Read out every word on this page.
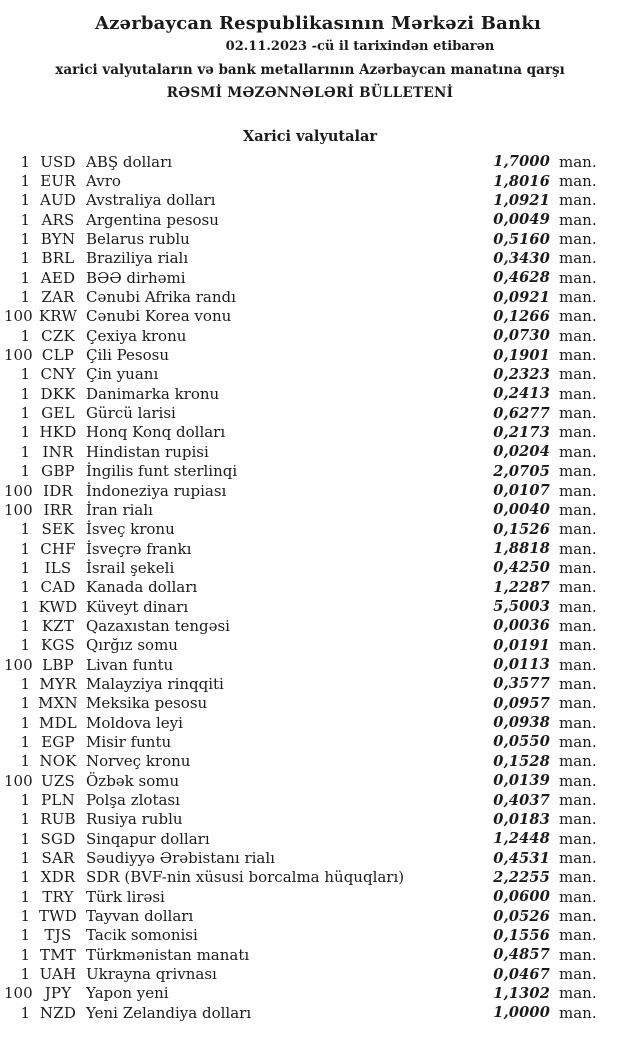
Azərbaycan Respublikasının Mərkəzi Bankı
02.11.2023 -cü il tarixindən etibarən
xarici valyutaların və bank metallarının Azərbaycan manatına qarşı
RƏSMİ MƏZƏNNƏLƏRİ BÜLLETENİ
Xarici valyutalar
1 USD ABŞ dolları	1,7000 man.
1 EUR Avro	1,8016 man.
1 AUD Avstraliya dolları	1,0921 man.
1 ARS Argentina pesosu	0,0049 man.
1 BYN Belarus rublu	0,5160 man.
1 BRL Braziliya rialı	0,3430 man.
1 AED BƏƏ dirhəmi	0,4628 man.
1 ZAR Cənubi Afrika randı	0,0921 man.
100 KRW Cənubi Korea vonu	0,1266 man.
1 CZK Çexiya kronu	0,0730 man.
100 CLP Çili Pesosu	0,1901 man.
1 CNY Çin yuanı	0,2323 man.
1 DKK Danimarka kronu	0,2413 man.
1 GEL Gürcü larisi	0,6277 man.
1 HKD Honq Konq dolları	0,2173 man.
1 INR Hindistan rupisi	0,0204 man.
1 GBP İngilis funt sterlinqi	2,0705 man.
100 IDR İndoneziya rupiası	0,0107 man.
100 IRR İran rialı	0,0040 man.
1 SEK İsveç kronu	0,1526 man.
1 CHF İsveçrə frankı	1,8818 man.
1 ILS İsrail şekeli	0,4250 man.
1 CAD Kanada dolları	1,2287 man.
1 KWD Küveyt dinarı	5,5003 man.
1 KZT Qazaxıstan tengəsi	0,0036 man.
1 KGS Qırğız somu	0,0191 man.
100 LBP Livan funtu	0,0113 man.
1 MYR Malayziya rinqqiti	0,3577 man.
1 MXN Meksika pesosu	0,0957 man.
1 MDL Moldova leyi	0,0938 man.
1 EGP Misir funtu	0,0550 man.
1 NOK Norveç kronu	0,1528 man.
100 UZS Özbək somu	0,0139 man.
1 PLN Polşa zlotası	0,4037 man.
1 RUB Rusiya rublu	0,0183 man.
1 SGD Sinqapur dolları	1,2448 man.
1 SAR Səudiyyə Ərəbistanı rialı	0,4531 man.
1 XDR SDR (BVF-nin xüsusi borcalma hüquqları)	2,2255 man.
1 TRY Türk lirəsi	0,0600 man.
1 TWD Tayvan dolları	0,0526 man.
1 TJS Tacik somonisi	0,1556 man.
1 TMT Türkmənistan manatı	0,4857 man.
1 UAH Ukrayna qrivnası	0,0467 man.
100 JPY Yapon yeni	1,1302 man.
1 NZD Yeni Zelandiya dolları	1,0000 man.
